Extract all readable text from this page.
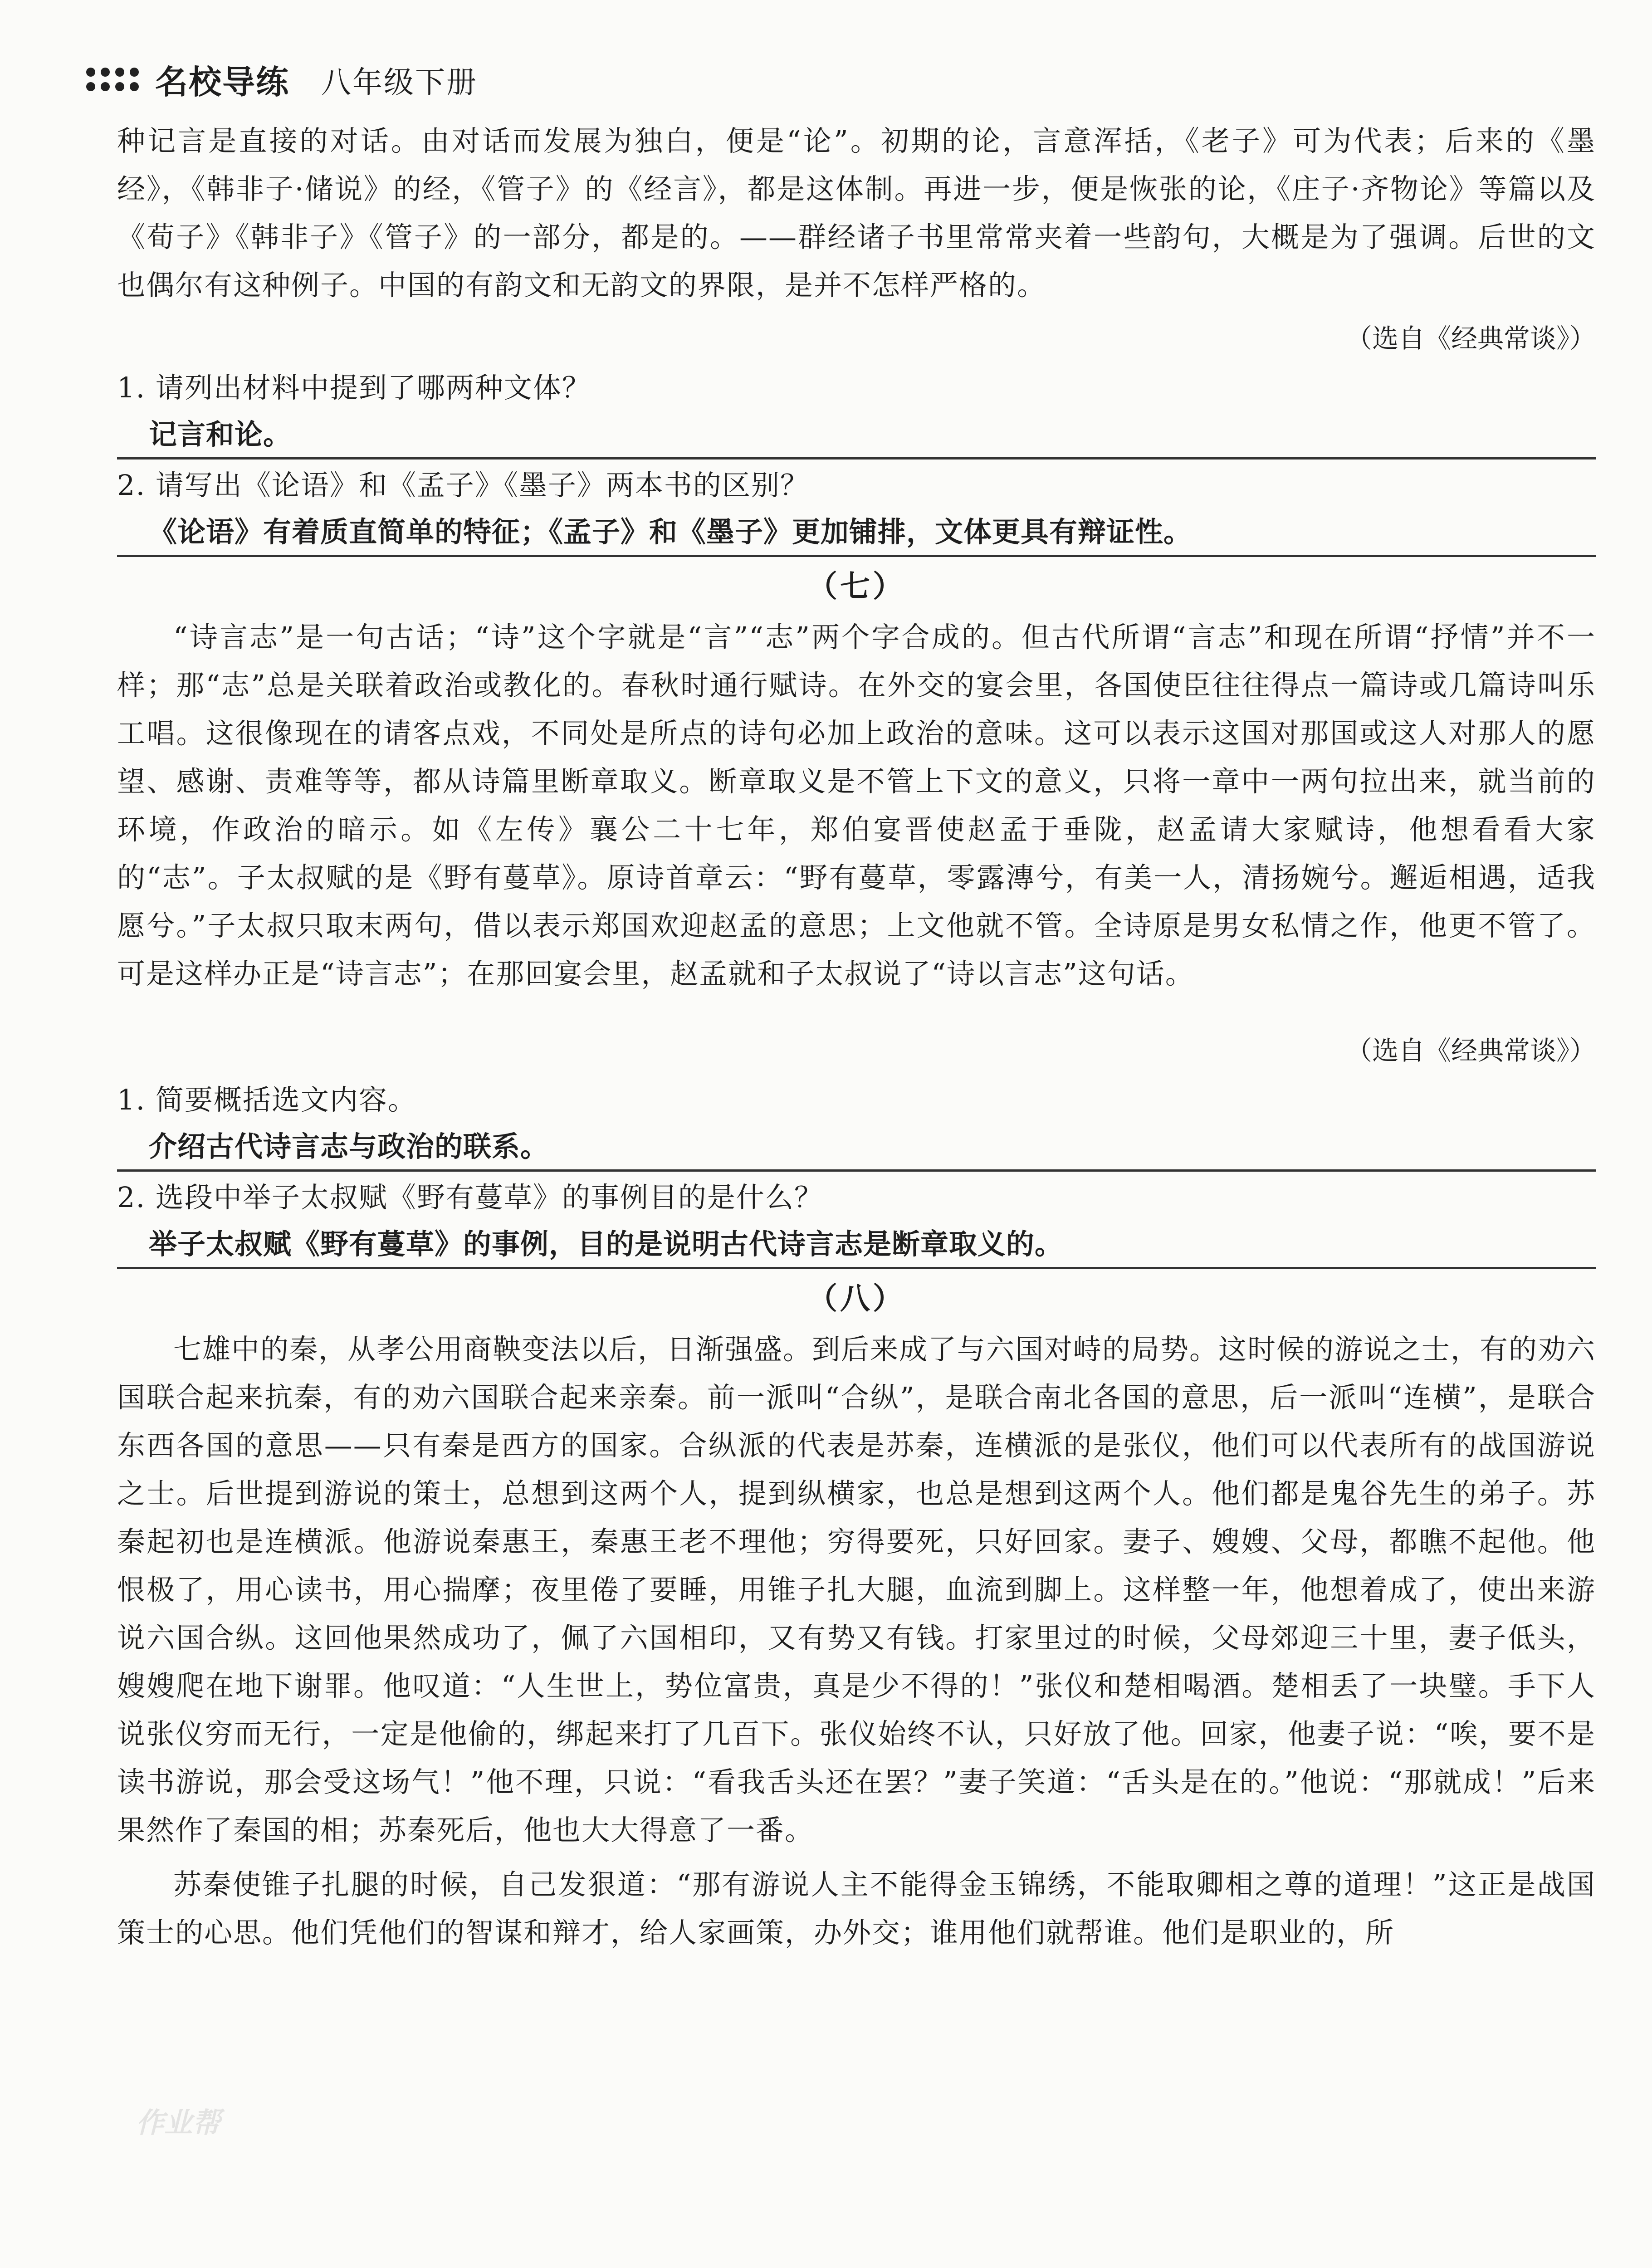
名校导练 八年级下册

种记言是直接的对话。由对话而发展为独白，便是“论”。初期的论，言意浑括，《老子》可为代表；后来的《墨经》，《韩非子·储说》的经，《管子》的《经言》，都是这体制。再进一步，便是恢张的论，《庄子·齐物论》等篇以及《荀子》《韩非子》《管子》的一部分，都是的。——群经诸子书里常常夹着一些韵句，大概是为了强调。后世的文也偶尔有这种例子。中国的有韵文和无韵文的界限，是并不怎样严格的。

（选自《经典常谈》）

1. 请列出材料中提到了哪两种文体？

记言和论。

2. 请写出《论语》和《孟子》《墨子》两本书的区别？

《论语》有着质直简单的特征；《孟子》和《墨子》更加铺排，文体更具有辩证性。

（七）

“诗言志”是一句古话；“诗”这个字就是“言”“志”两个字合成的。但古代所谓“言志”和现在所谓“抒情”并不一样；那“志”总是关联着政治或教化的。春秋时通行赋诗。在外交的宴会里，各国使臣往往得点一篇诗或几篇诗叫乐工唱。这很像现在的请客点戏，不同处是所点的诗句必加上政治的意味。这可以表示这国对那国或这人对那人的愿望、感谢、责难等等，都从诗篇里断章取义。断章取义是不管上下文的意义，只将一章中一两句拉出来，就当前的环境，作政治的暗示。如《左传》襄公二十七年，郑伯宴晋使赵孟于垂陇，赵孟请大家赋诗，他想看看大家的“志”。子太叔赋的是《野有蔓草》。原诗首章云：“野有蔓草，零露漙兮，有美一人，清扬婉兮。邂逅相遇，适我愿兮。”子太叔只取末两句，借以表示郑国欢迎赵孟的意思；上文他就不管。全诗原是男女私情之作，他更不管了。可是这样办正是“诗言志”；在那回宴会里，赵孟就和子太叔说了“诗以言志”这句话。

（选自《经典常谈》）

1. 简要概括选文内容。

介绍古代诗言志与政治的联系。

2. 选段中举子太叔赋《野有蔓草》的事例目的是什么？

举子太叔赋《野有蔓草》的事例，目的是说明古代诗言志是断章取义的。

（八）

七雄中的秦，从孝公用商鞅变法以后，日渐强盛。到后来成了与六国对峙的局势。这时候的游说之士，有的劝六国联合起来抗秦，有的劝六国联合起来亲秦。前一派叫“合纵”，是联合南北各国的意思，后一派叫“连横”，是联合东西各国的意思——只有秦是西方的国家。合纵派的代表是苏秦，连横派的是张仪，他们可以代表所有的战国游说之士。后世提到游说的策士，总想到这两个人，提到纵横家，也总是想到这两个人。他们都是鬼谷先生的弟子。苏秦起初也是连横派。他游说秦惠王，秦惠王老不理他；穷得要死，只好回家。妻子、嫂嫂、父母，都瞧不起他。他恨极了，用心读书，用心揣摩；夜里倦了要睡，用锥子扎大腿，血流到脚上。这样整一年，他想着成了，使出来游说六国合纵。这回他果然成功了，佩了六国相印，又有势又有钱。打家里过的时候，父母郊迎三十里，妻子低头，嫂嫂爬在地下谢罪。他叹道：“人生世上，势位富贵，真是少不得的！”张仪和楚相喝酒。楚相丢了一块璧。手下人说张仪穷而无行，一定是他偷的，绑起来打了几百下。张仪始终不认，只好放了他。回家，他妻子说：“唉，要不是读书游说，那会受这场气！”他不理，只说：“看我舌头还在罢？”妻子笑道：“舌头是在的。”他说：“那就成！”后来果然作了秦国的相；苏秦死后，他也大大得意了一番。

苏秦使锥子扎腿的时候，自己发狠道：“那有游说人主不能得金玉锦绣，不能取卿相之尊的道理！”这正是战国策士的心思。他们凭他们的智谋和辩才，给人家画策，办外交；谁用他们就帮谁。他们是职业的，所

作业帮
